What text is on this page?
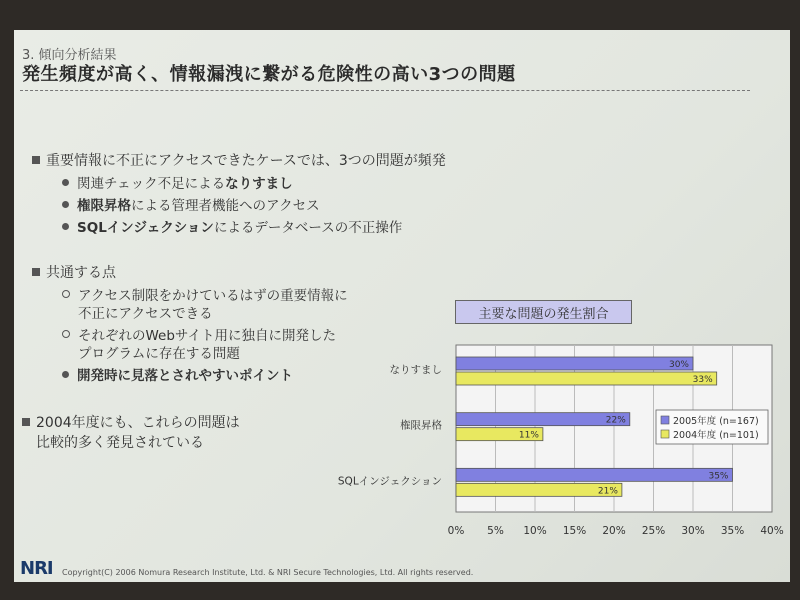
3. 傾向分析結果
発生頻度が高く、情報漏洩に繋がる危険性の高い3つの問題
重要情報に不正にアクセスできたケースでは、3つの問題が頻発
関連チェック不足によるなりすまし
権限昇格による管理者機能へのアクセス
SQLインジェクションによるデータベースの不正操作
共通する点
アクセス制限をかけているはずの重要情報に
不正にアクセスできる
それぞれのWebサイト用に独自に開発した
プログラムに存在する問題
開発時に見落とされやすいポイント
2004年度にも、これらの問題は
比較的多く発見されている
主要な問題の発生割合
0% 5% 10% 15% 20% 25% 30% 35% 40%
なりすまし	30%
33%
権限昇格	22%
11%
SQLインジェクション	35%
21%
2005年度 (n=167)
2004年度 (n=101)
NRI Copyright(C) 2006 Nomura Research Institute, Ltd. & NRI Secure Technologies, Ltd. All rights reserved.
